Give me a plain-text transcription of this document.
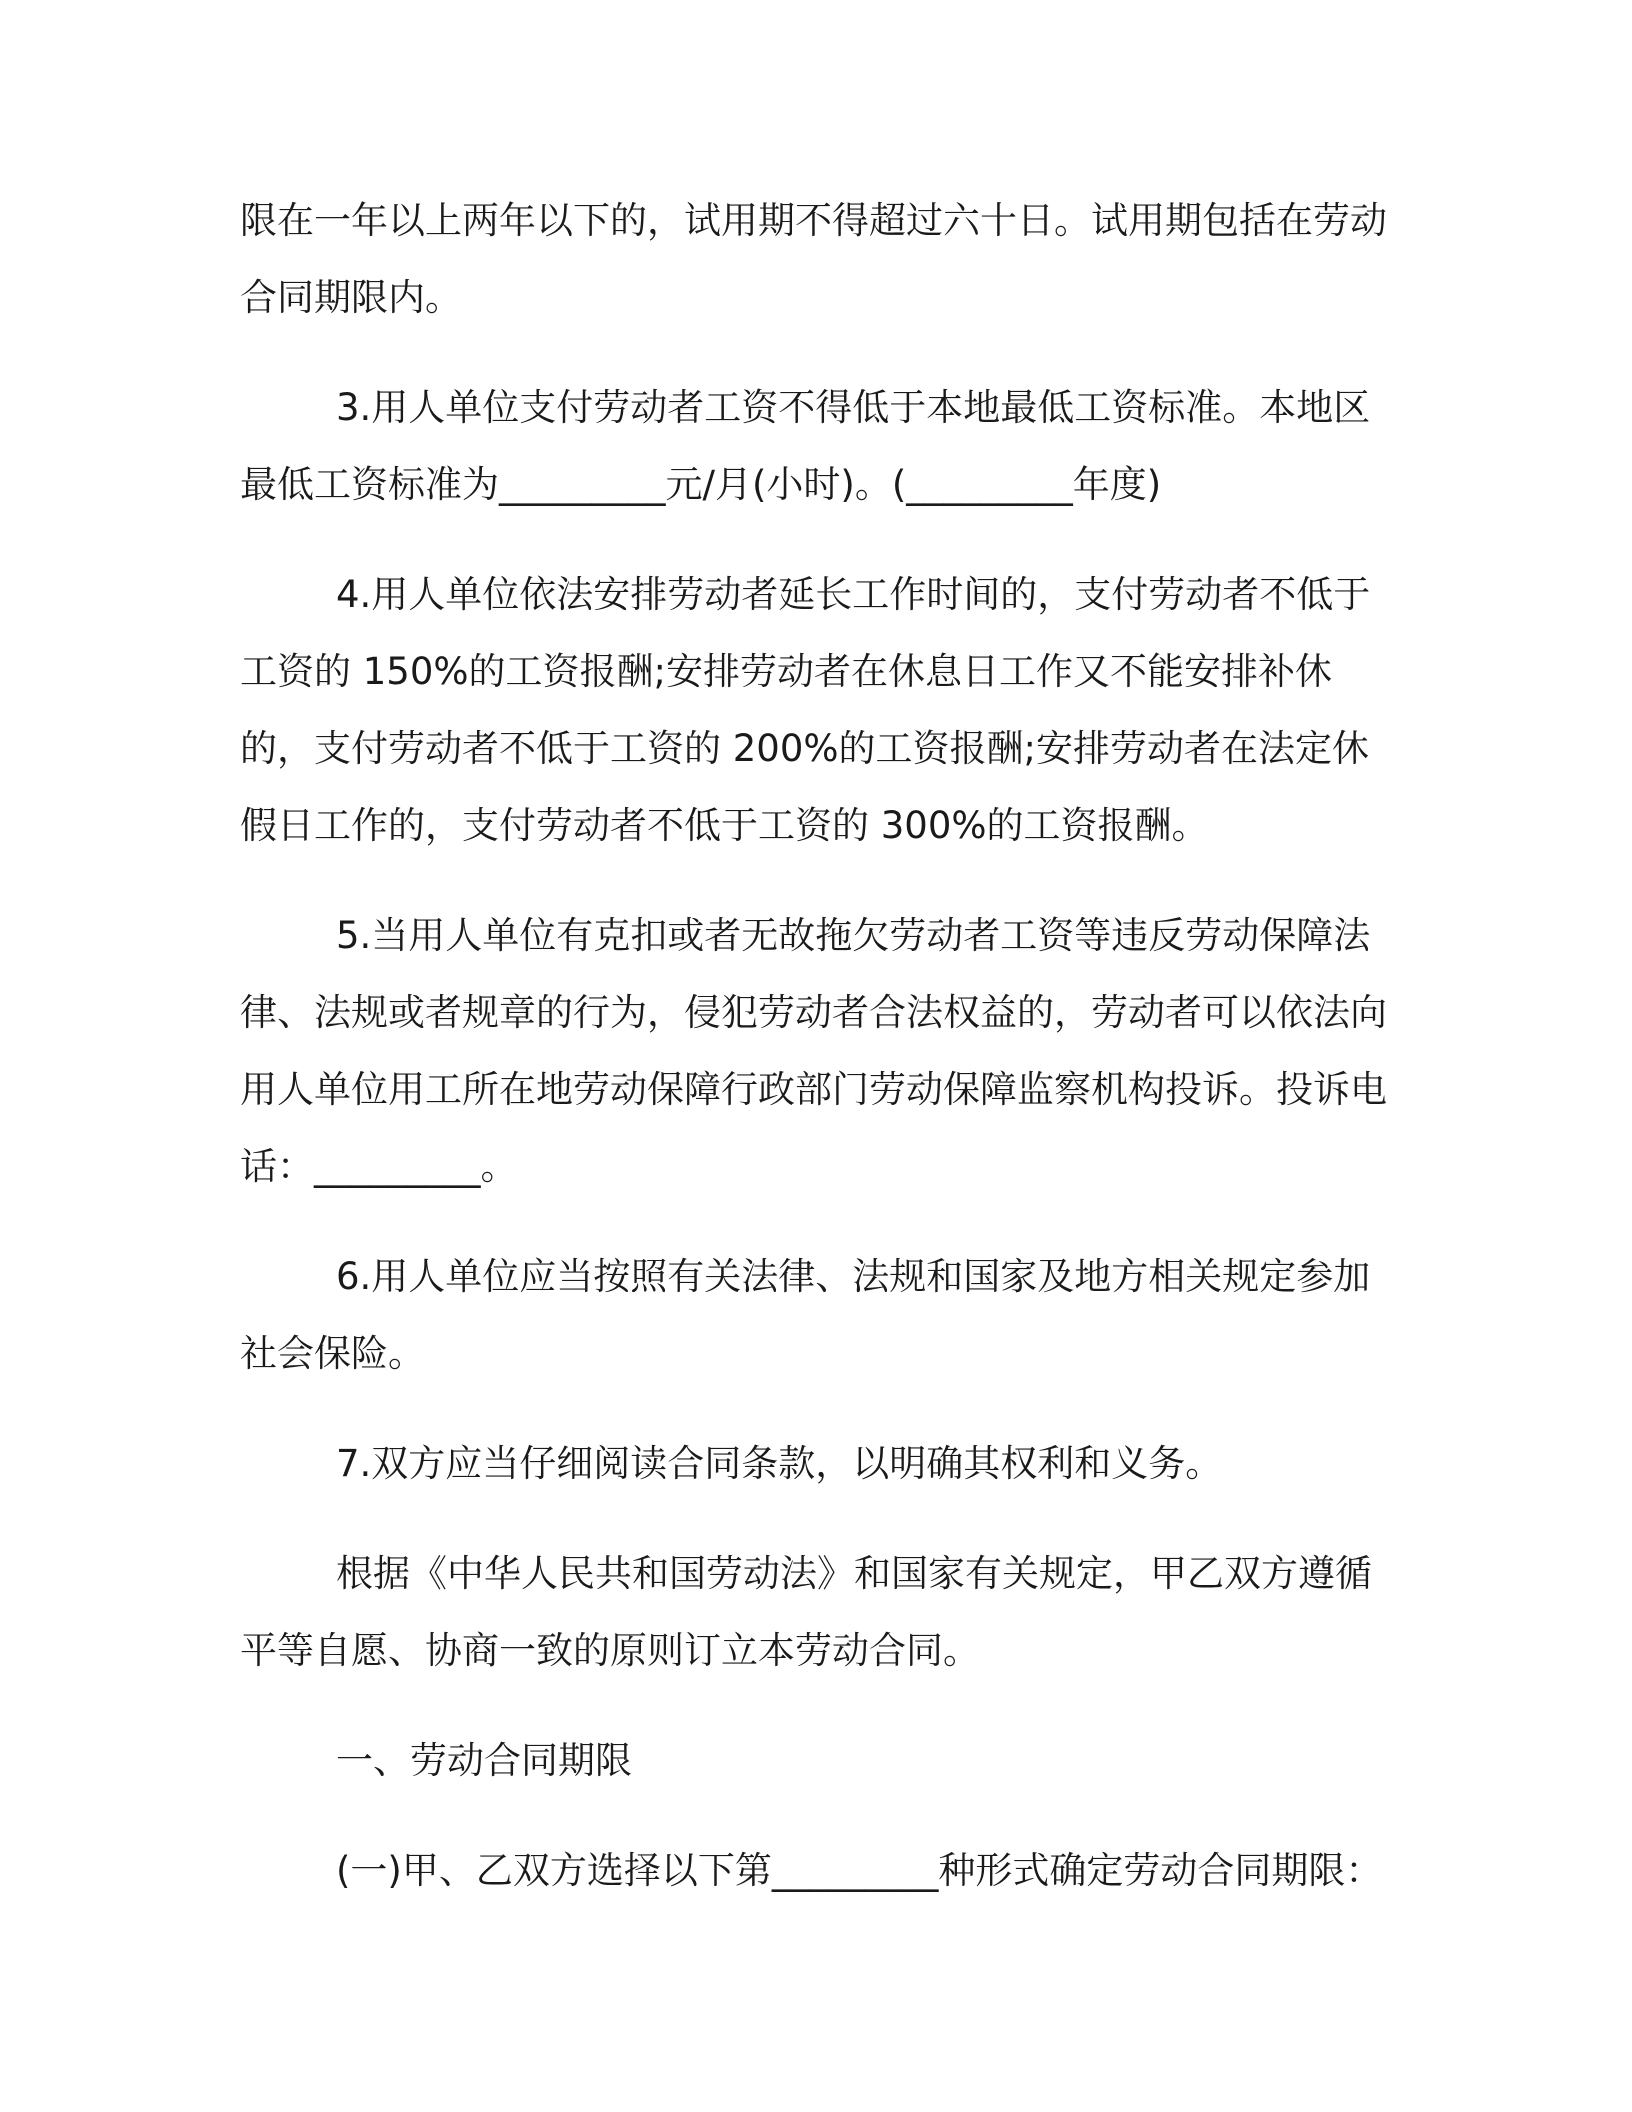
限在一年以上两年以下的，试用期不得超过六十日。试用期包括在劳动合同期限内。

3.用人单位支付劳动者工资不得低于本地最低工资标准。本地区最低工资标准为_________元/月(小时)。(_________年度)

4.用人单位依法安排劳动者延长工作时间的，支付劳动者不低于工资的 150%的工资报酬;安排劳动者在休息日工作又不能安排补休的，支付劳动者不低于工资的 200%的工资报酬;安排劳动者在法定休假日工作的，支付劳动者不低于工资的 300%的工资报酬。

5.当用人单位有克扣或者无故拖欠劳动者工资等违反劳动保障法律、法规或者规章的行为，侵犯劳动者合法权益的，劳动者可以依法向用人单位用工所在地劳动保障行政部门劳动保障监察机构投诉。投诉电话：_________。

6.用人单位应当按照有关法律、法规和国家及地方相关规定参加社会保险。

7.双方应当仔细阅读合同条款，以明确其权利和义务。

根据《中华人民共和国劳动法》和国家有关规定，甲乙双方遵循平等自愿、协商一致的原则订立本劳动合同。

一、劳动合同期限

(一)甲、乙双方选择以下第_________种形式确定劳动合同期限：
